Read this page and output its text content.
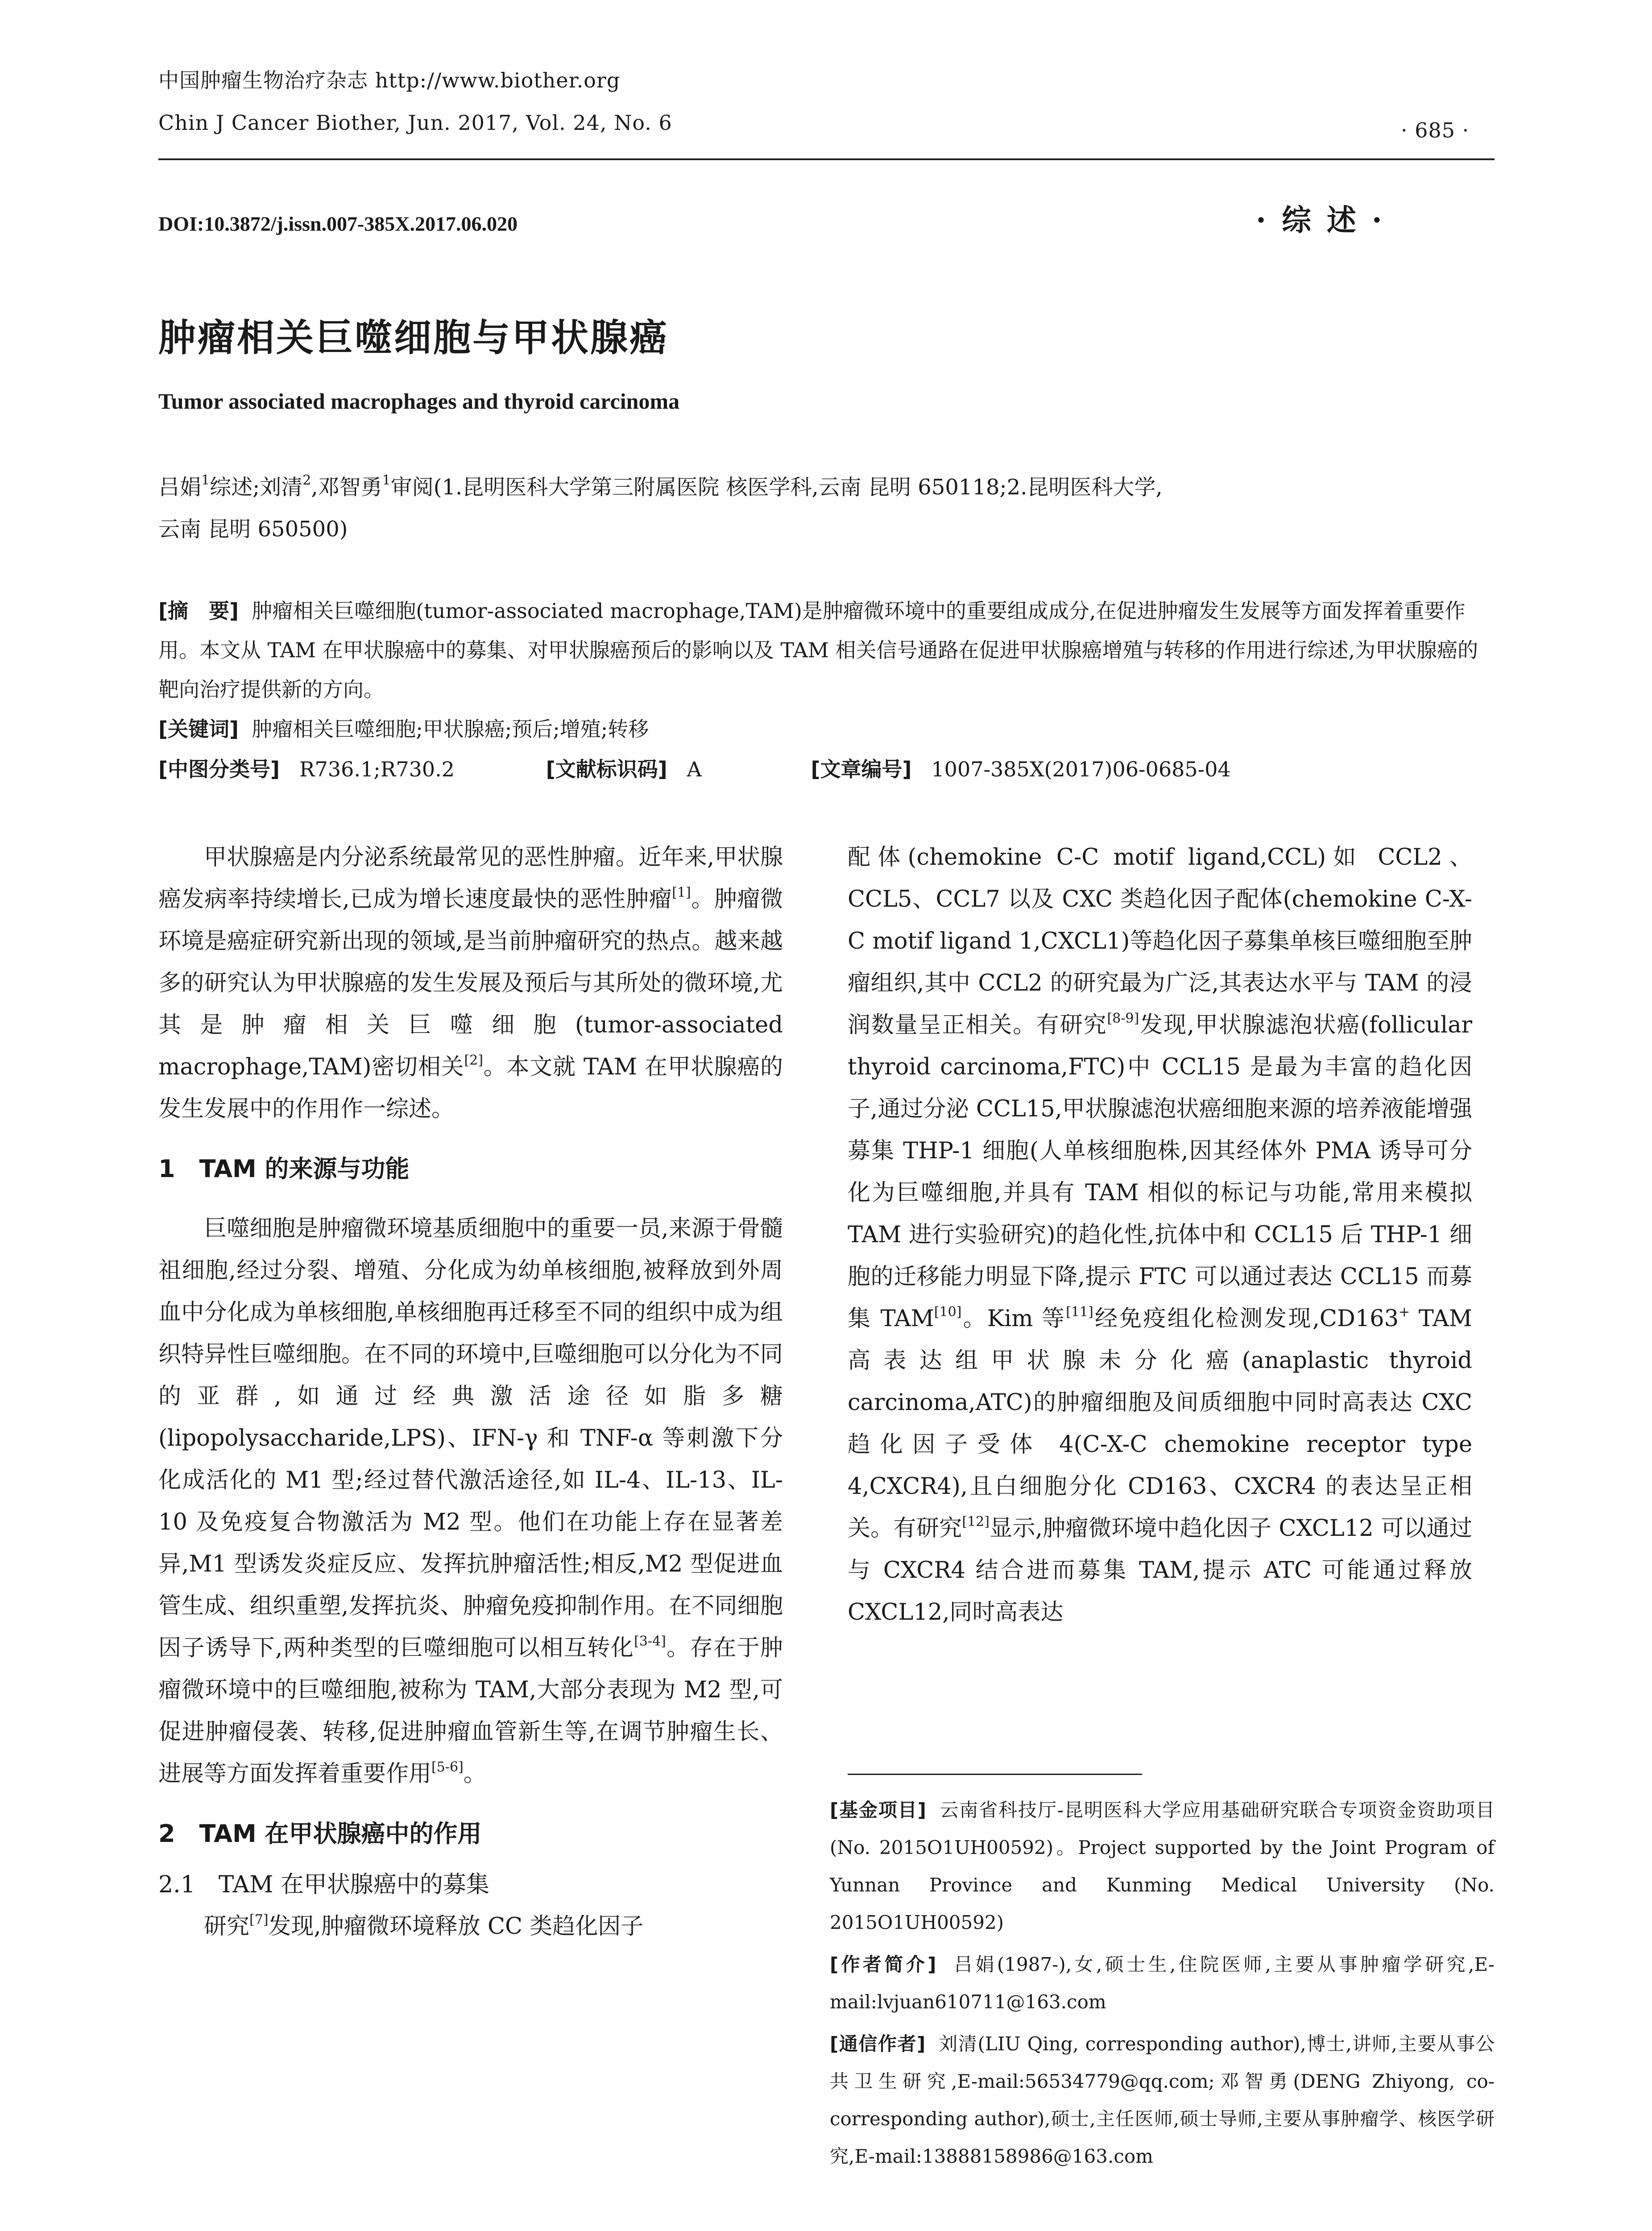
中国肿瘤生物治疗杂志 http://www.biother.org
Chin J Cancer Biother, Jun. 2017, Vol. 24, No. 6	· 685 ·
DOI:10.3872/j.issn.007-385X.2017.06.020	· 综 述 ·
肿瘤相关巨噬细胞与甲状腺癌
Tumor associated macrophages and thyroid carcinoma
吕娟$^1$综述;刘清$^2$,邓智勇$^1$审阅(1.昆明医科大学第三附属医院 核医学科,云南 昆明 650118;2.昆明医科大学,
云南 昆明 650500)
[摘　要] 肿瘤相关巨噬细胞(tumor-associated macrophage,TAM)是肿瘤微环境中的重要组成成分,在促进肿瘤发生发展等方面发挥着重要作用。本文从 TAM 在甲状腺癌中的募集、对甲状腺癌预后的影响以及 TAM 相关信号通路在促进甲状腺癌增殖与转移的作用进行综述,为甲状腺癌的靶向治疗提供新的方向。
[关键词] 肿瘤相关巨噬细胞;甲状腺癌;预后;增殖;转移
[中图分类号] R736.1;R730.2	[文献标识码] A	[文章编号] 1007-385X(2017)06-0685-04

甲状腺癌是内分泌系统最常见的恶性肿瘤。近年来,甲状腺癌发病率持续增长,已成为增长速度最快的恶性肿瘤[1]。肿瘤微环境是癌症研究新出现的领域,是当前肿瘤研究的热点。越来越多的研究认为甲状腺癌的发生发展及预后与其所处的微环境,尤其是肿瘤相关巨噬细胞(tumor-associated macrophage,TAM)密切相关[2]。本文就 TAM 在甲状腺癌的发生发展中的作用作一综述。

1　TAM 的来源与功能

巨噬细胞是肿瘤微环境基质细胞中的重要一员,来源于骨髓祖细胞,经过分裂、增殖、分化成为幼单核细胞,被释放到外周血中分化成为单核细胞,单核细胞再迁移至不同的组织中成为组织特异性巨噬细胞。在不同的环境中,巨噬细胞可以分化为不同的亚群,如通过经典激活途径如脂多糖(lipopolysaccharide,LPS)、IFN-γ 和 TNF-α 等刺激下分化成活化的 M1 型;经过替代激活途径,如 IL-4、IL-13、IL-10 及免疫复合物激活为 M2 型。他们在功能上存在显著差异,M1 型诱发炎症反应、发挥抗肿瘤活性;相反,M2 型促进血管生成、组织重塑,发挥抗炎、肿瘤免疫抑制作用。在不同细胞因子诱导下,两种类型的巨噬细胞可以相互转化[3-4]。存在于肿瘤微环境中的巨噬细胞,被称为 TAM,大部分表现为 M2 型,可促进肿瘤侵袭、转移,促进肿瘤血管新生等,在调节肿瘤生长、进展等方面发挥着重要作用[5-6]。

2　TAM 在甲状腺癌中的作用
2.1　TAM 在甲状腺癌中的募集

研究[7]发现,肿瘤微环境释放 CC 类趋化因子

配体(chemokine C-C motif ligand,CCL)如 CCL2、CCL5、CCL7 以及 CXC 类趋化因子配体(chemokine C-X-C motif ligand 1,CXCL1)等趋化因子募集单核巨噬细胞至肿瘤组织,其中 CCL2 的研究最为广泛,其表达水平与 TAM 的浸润数量呈正相关。有研究[8-9]发现,甲状腺滤泡状癌(follicular thyroid carcinoma,FTC)中 CCL15 是最为丰富的趋化因子,通过分泌 CCL15,甲状腺滤泡状癌细胞来源的培养液能增强募集 THP-1 细胞(人单核细胞株,因其经体外 PMA 诱导可分化为巨噬细胞,并具有 TAM 相似的标记与功能,常用来模拟 TAM 进行实验研究)的趋化性,抗体中和 CCL15 后 THP-1 细胞的迁移能力明显下降,提示 FTC 可以通过表达 CCL15 而募集 TAM[10]。Kim 等[11]经免疫组化检测发现,CD163+ TAM 高表达组甲状腺未分化癌(anaplastic thyroid carcinoma,ATC)的肿瘤细胞及间质细胞中同时高表达 CXC 趋化因子受体 4(C-X-C chemokine receptor type 4,CXCR4),且白细胞分化 CD163、CXCR4 的表达呈正相关。有研究[12]显示,肿瘤微环境中趋化因子 CXCL12 可以通过与 CXCR4 结合进而募集 TAM,提示 ATC 可能通过释放 CXCL12,同时高表达

[基金项目] 云南省科技厅-昆明医科大学应用基础研究联合专项资金资助项目(No. 2015O1UH00592)。Project supported by the Joint Program of Yunnan Province and Kunming Medical University (No. 2015O1UH00592)

[作者简介] 吕娟(1987-),女,硕士生,住院医师,主要从事肿瘤学研究,E-mail:lvjuan610711@163.com

[通信作者] 刘清(LIU Qing, corresponding author),博士,讲师,主要从事公共卫生研究,E-mail:56534779@qq.com;邓智勇(DENG Zhiyong, co-corresponding author),硕士,主任医师,硕士导师,主要从事肿瘤学、核医学研究,E-mail:13888158986@163.com
